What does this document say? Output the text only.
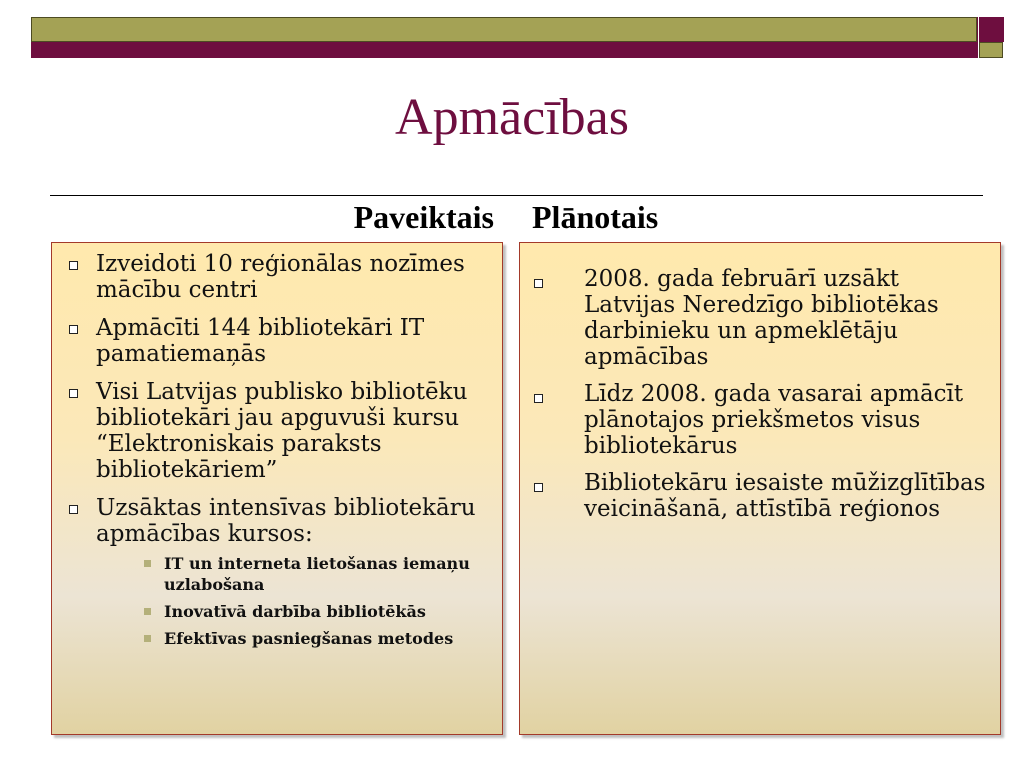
Apmācības
Paveiktais Plānotais
Izveidoti 10 reģionālas nozīmes mācību centri
Apmācīti 144 bibliotekāri IT pamatiemaņās
Visi Latvijas publisko bibliotēku bibliotekāri jau apguvuši kursu “Elektroniskais paraksts bibliotekāriem”
Uzsāktas intensīvas bibliotekāru apmācības kursos:
IT un interneta lietošanas iemaņu uzlabošana
Inovatīvā darbība bibliotēkās
Efektīvas pasniegšanas metodes
2008. gada februārī uzsākt Latvijas Neredzīgo bibliotēkas darbinieku un apmeklētāju apmācības
Līdz 2008. gada vasarai apmācīt plānotajos priekšmetos visus bibliotekārus
Bibliotekāru iesaiste mūžizglītības veicināšanā, attīstībā reģionos
